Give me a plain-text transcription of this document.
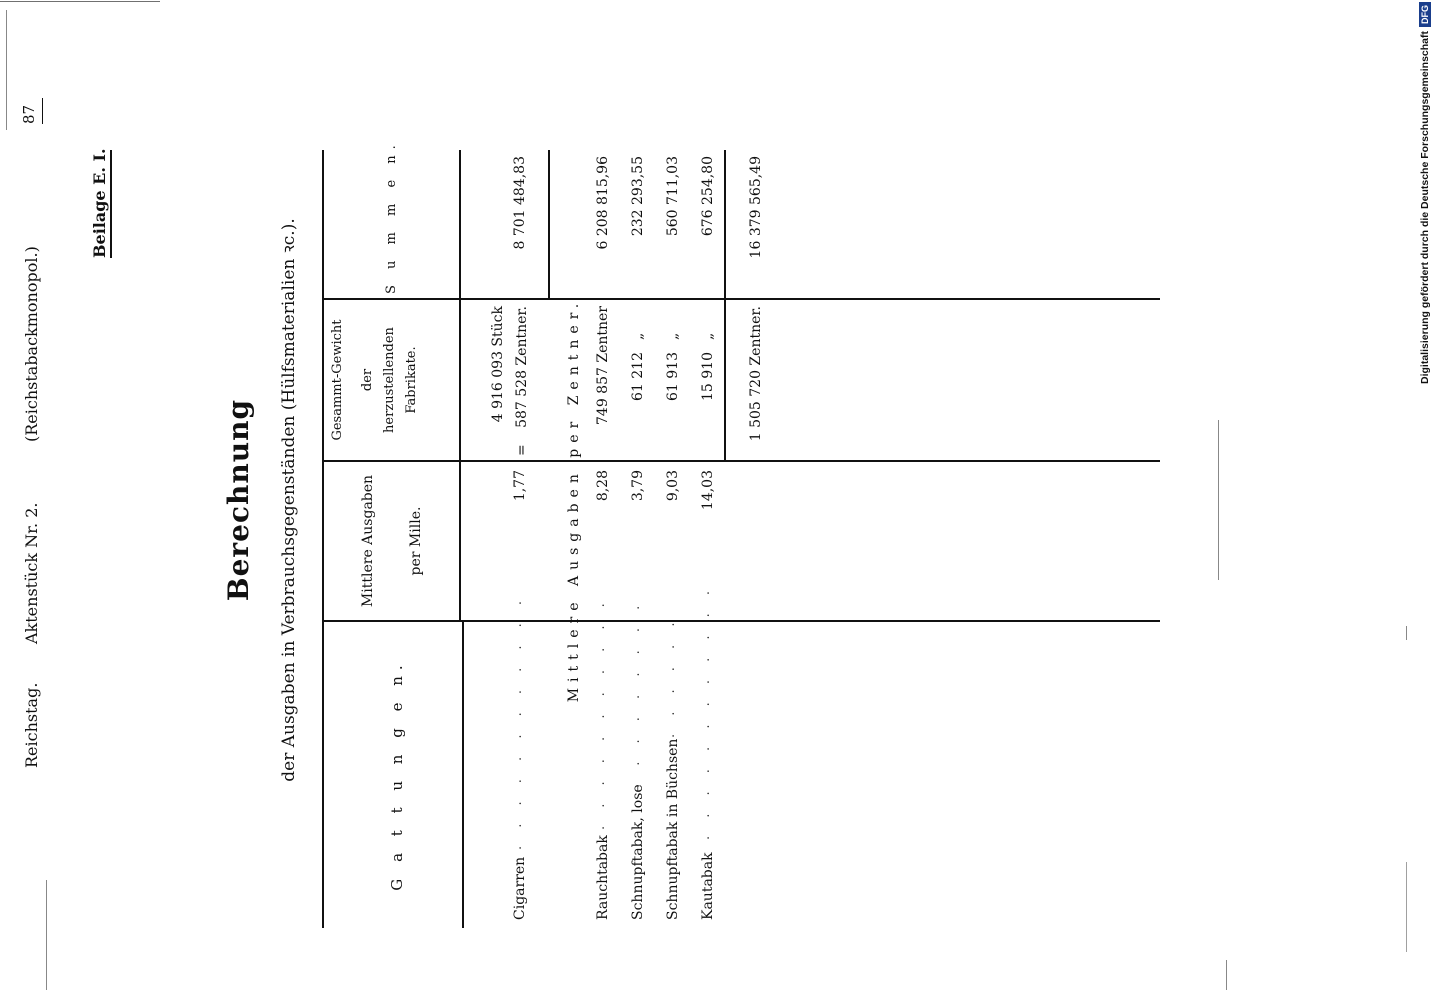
Reichstag.
Aktenstück Nr. 2.
(Reichstabackmonopol.)
87
Beilage E. I.
Berechnung der Ausgaben in Verbrauchsgegenständen (Hülfsmaterialien ꝛc.).	G a t t u n g e n.
Mittlere Ausgaben per Mille.
Gesammt-Gewicht der herzustellenden Fabrikate.
S u m m e n.
Cigarren
. . . . . . . . . . . .
1,77
4 916 093 Stück
=
587 528 Zentner.
8 701 484,83
Mittlere Ausgaben per Zentner.
Rauchtabak
. . . . . . . . . . .
8,28
749 857 Zentner
6 208 815,96
Schnupftabak, lose
. . . . . . . . .
3,79
61 212
„
232 293,55
Schnupftabak in Büchsen
. . . . . .
9,03
61 913
„
560 711,03
Kautabak
. . . . . . . . . . . .
14,03
15 910
„
676 254,80
1 505 720 Zentner.
16 379 565,49	Digitalisierung gefördert durch die Deutsche ForschungsgemeinschaftDFG
